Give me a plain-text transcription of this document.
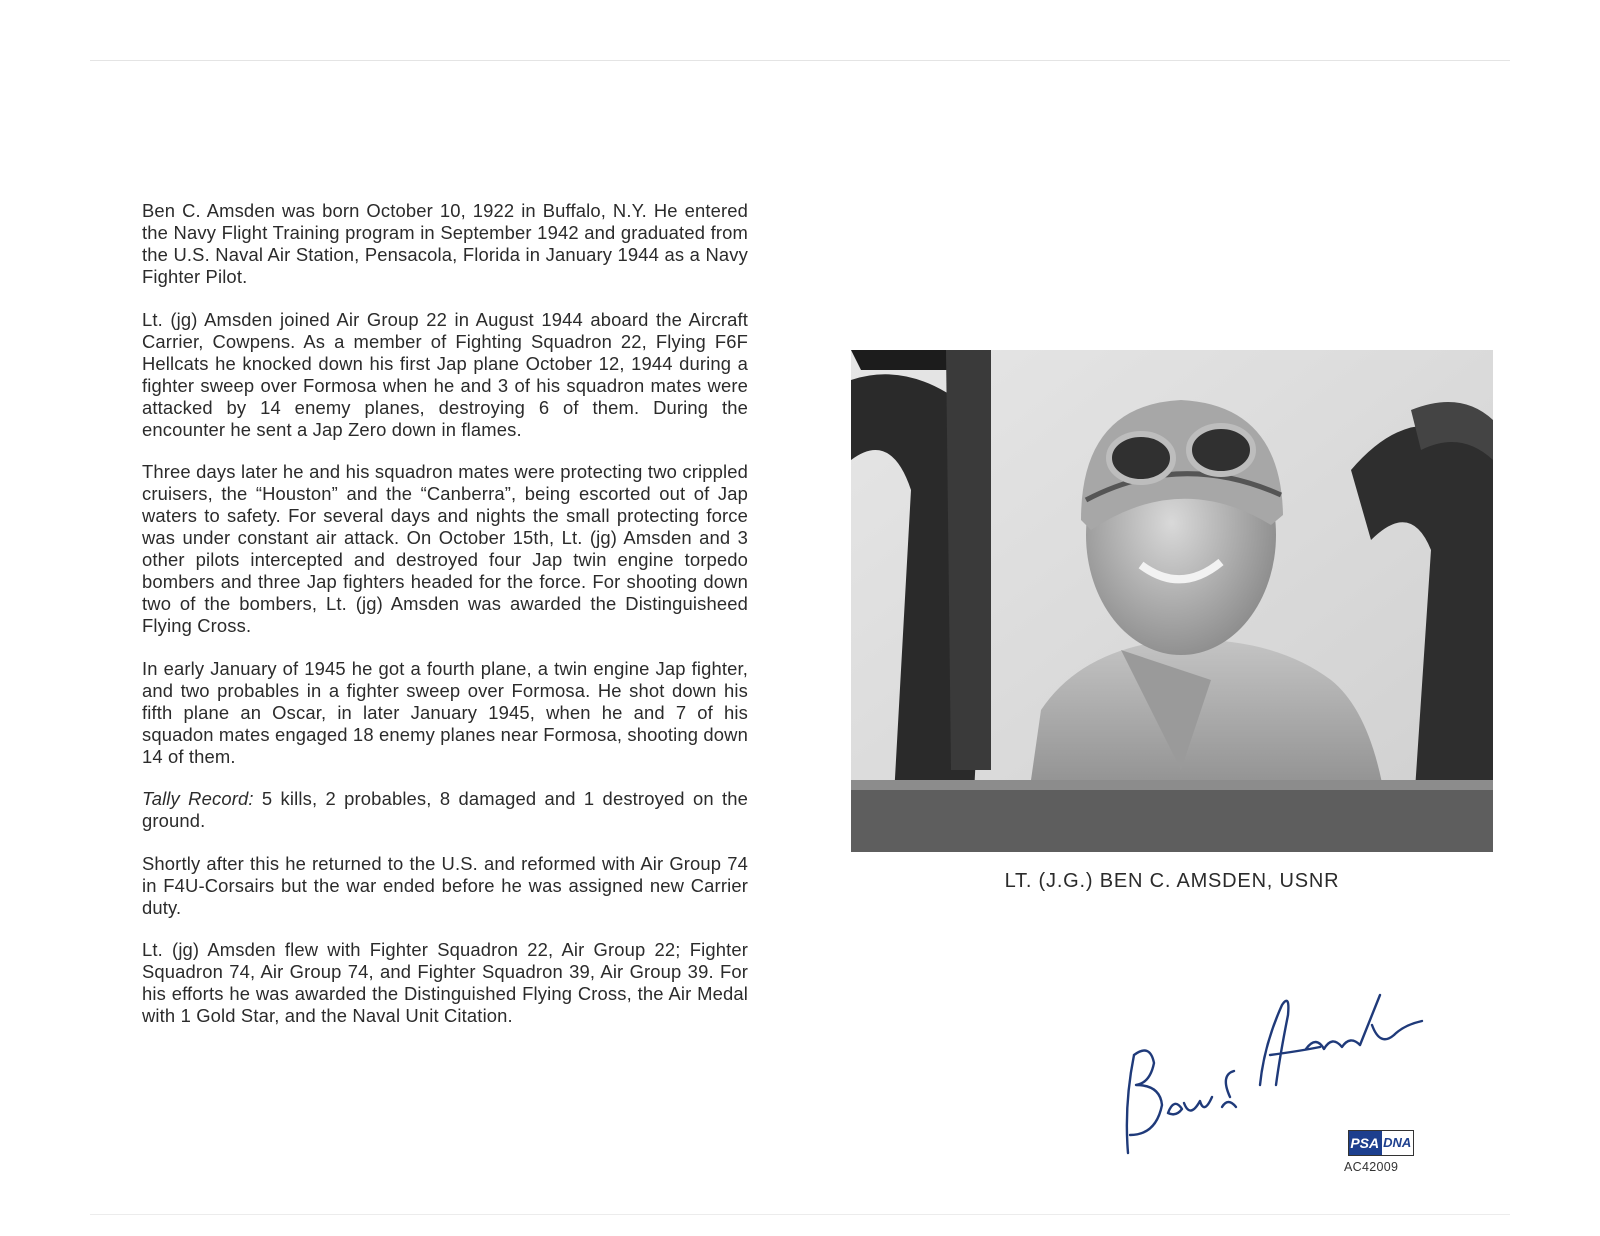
Ben C. Amsden was born October 10, 1922 in Buffalo, N.Y. He entered the Navy Flight Training program in September 1942 and graduated from the U.S. Naval Air Station, Pensacola, Florida in January 1944 as a Navy Fighter Pilot.

Lt. (jg) Amsden joined Air Group 22 in August 1944 aboard the Aircraft Carrier, Cowpens. As a member of Fighting Squadron 22, Flying F6F Hellcats he knocked down his first Jap plane October 12, 1944 during a fighter sweep over Formosa when he and 3 of his squadron mates were attacked by 14 enemy planes, destroying 6 of them. During the encounter he sent a Jap Zero down in flames.

Three days later he and his squadron mates were protecting two crippled cruisers, the “Houston” and the “Canberra”, being escorted out of Jap waters to safety. For several days and nights the small protecting force was under constant air attack. On October 15th, Lt. (jg) Amsden and 3 other pilots intercepted and destroyed four Jap twin engine torpedo bombers and three Jap fighters headed for the force. For shooting down two of the bombers, Lt. (jg) Amsden was awarded the Distinguisheed Flying Cross.

In early January of 1945 he got a fourth plane, a twin engine Jap fighter, and two probables in a fighter sweep over Formosa. He shot down his fifth plane an Oscar, in later January 1945, when he and 7 of his squadon mates engaged 18 enemy planes near Formosa, shooting down 14 of them.

Tally Record: 5 kills, 2 probables, 8 damaged and 1 destroyed on the ground.

Shortly after this he returned to the U.S. and reformed with Air Group 74 in F4U-Corsairs but the war ended before he was assigned new Carrier duty.

Lt. (jg) Amsden flew with Fighter Squadron 22, Air Group 22; Fighter Squadron 74, Air Group 74, and Fighter Squadron 39, Air Group 39. For his efforts he was awarded the Distinguished Flying Cross, the Air Medal with 1 Gold Star, and the Naval Unit Citation.

LT. (J.G.) BEN C. AMSDEN, USNR
PSA DNA
AC42009
